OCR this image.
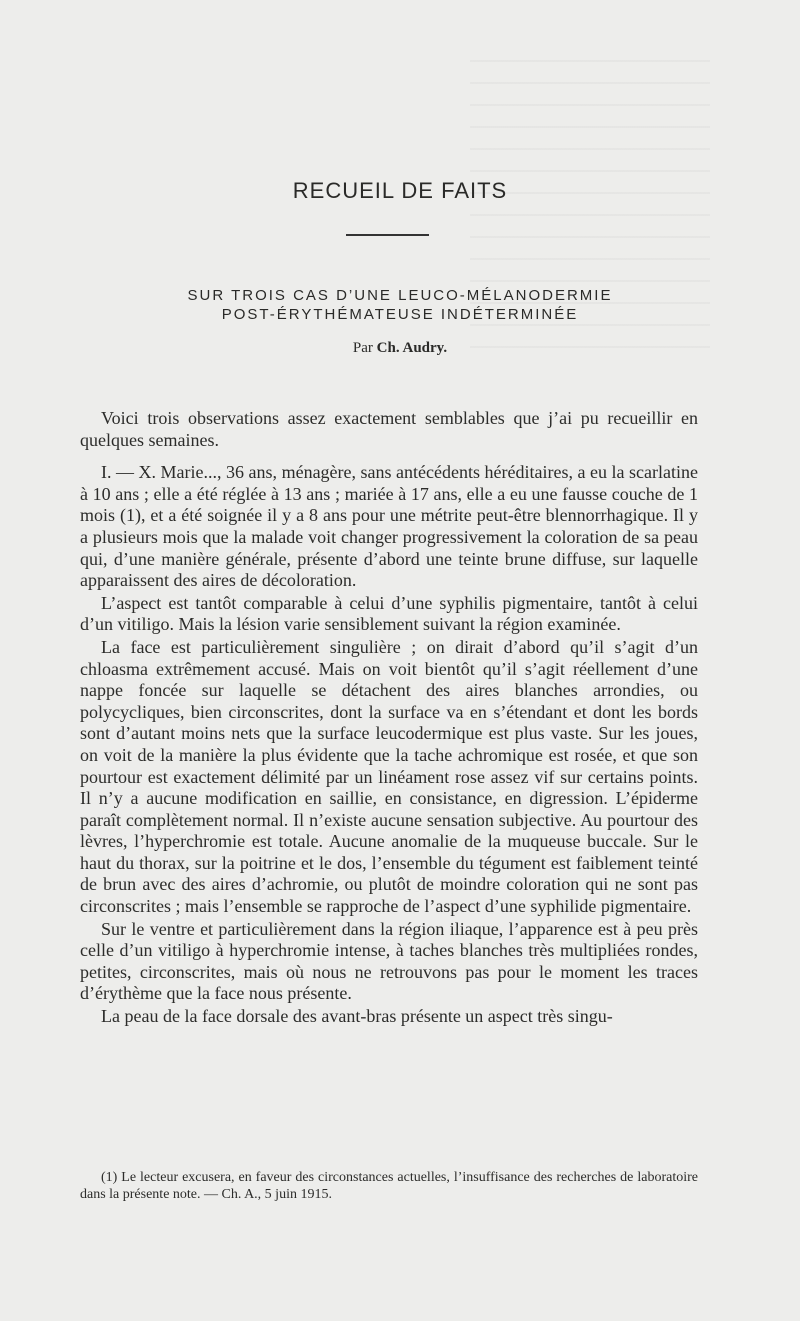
RECUEIL DE FAITS
SUR TROIS CAS D’UNE LEUCO-MÉLANODERMIE
POST-ÉRYTHÉMATEUSE INDÉTERMINÉE
Par Ch. Audry.

Voici trois observations assez exactement semblables que j’ai pu recueillir en quelques semaines.

I. — X. Marie..., 36 ans, ménagère, sans antécédents héréditaires, a eu la scarlatine à 10 ans ; elle a été réglée à 13 ans ; mariée à 17 ans, elle a eu une fausse couche de 1 mois (1), et a été soignée il y a 8 ans pour une métrite peut-être blennorrhagique. Il y a plusieurs mois que la malade voit changer progressivement la coloration de sa peau qui, d’une manière générale, présente d’abord une teinte brune diffuse, sur laquelle apparaissent des aires de décoloration.

L’aspect est tantôt comparable à celui d’une syphilis pigmentaire, tantôt à celui d’un vitiligo. Mais la lésion varie sensiblement suivant la région examinée.

La face est particulièrement singulière ; on dirait d’abord qu’il s’agit d’un chloasma extrêmement accusé. Mais on voit bientôt qu’il s’agit réellement d’une nappe foncée sur laquelle se détachent des aires blanches arrondies, ou polycycliques, bien circonscrites, dont la surface va en s’étendant et dont les bords sont d’autant moins nets que la surface leucodermique est plus vaste. Sur les joues, on voit de la manière la plus évidente que la tache achromique est rosée, et que son pourtour est exactement délimité par un linéament rose assez vif sur certains points. Il n’y a aucune modification en saillie, en consistance, en digression. L’épiderme paraît complètement normal. Il n’existe aucune sensation subjective. Au pourtour des lèvres, l’hyperchromie est totale. Aucune anomalie de la muqueuse buccale. Sur le haut du thorax, sur la poitrine et le dos, l’ensemble du tégument est faiblement teinté de brun avec des aires d’achromie, ou plutôt de moindre coloration qui ne sont pas circonscrites ; mais l’ensemble se rapproche de l’aspect d’une syphilide pigmentaire.

Sur le ventre et particulièrement dans la région iliaque, l’apparence est à peu près celle d’un vitiligo à hyperchromie intense, à taches blanches très multipliées rondes, petites, circonscrites, mais où nous ne retrouvons pas pour le moment les traces d’érythème que la face nous présente.

La peau de la face dorsale des avant-bras présente un aspect très singu-

(1) Le lecteur excusera, en faveur des circonstances actuelles, l’insuffisance des recherches de laboratoire dans la présente note. — Ch. A., 5 juin 1915.
